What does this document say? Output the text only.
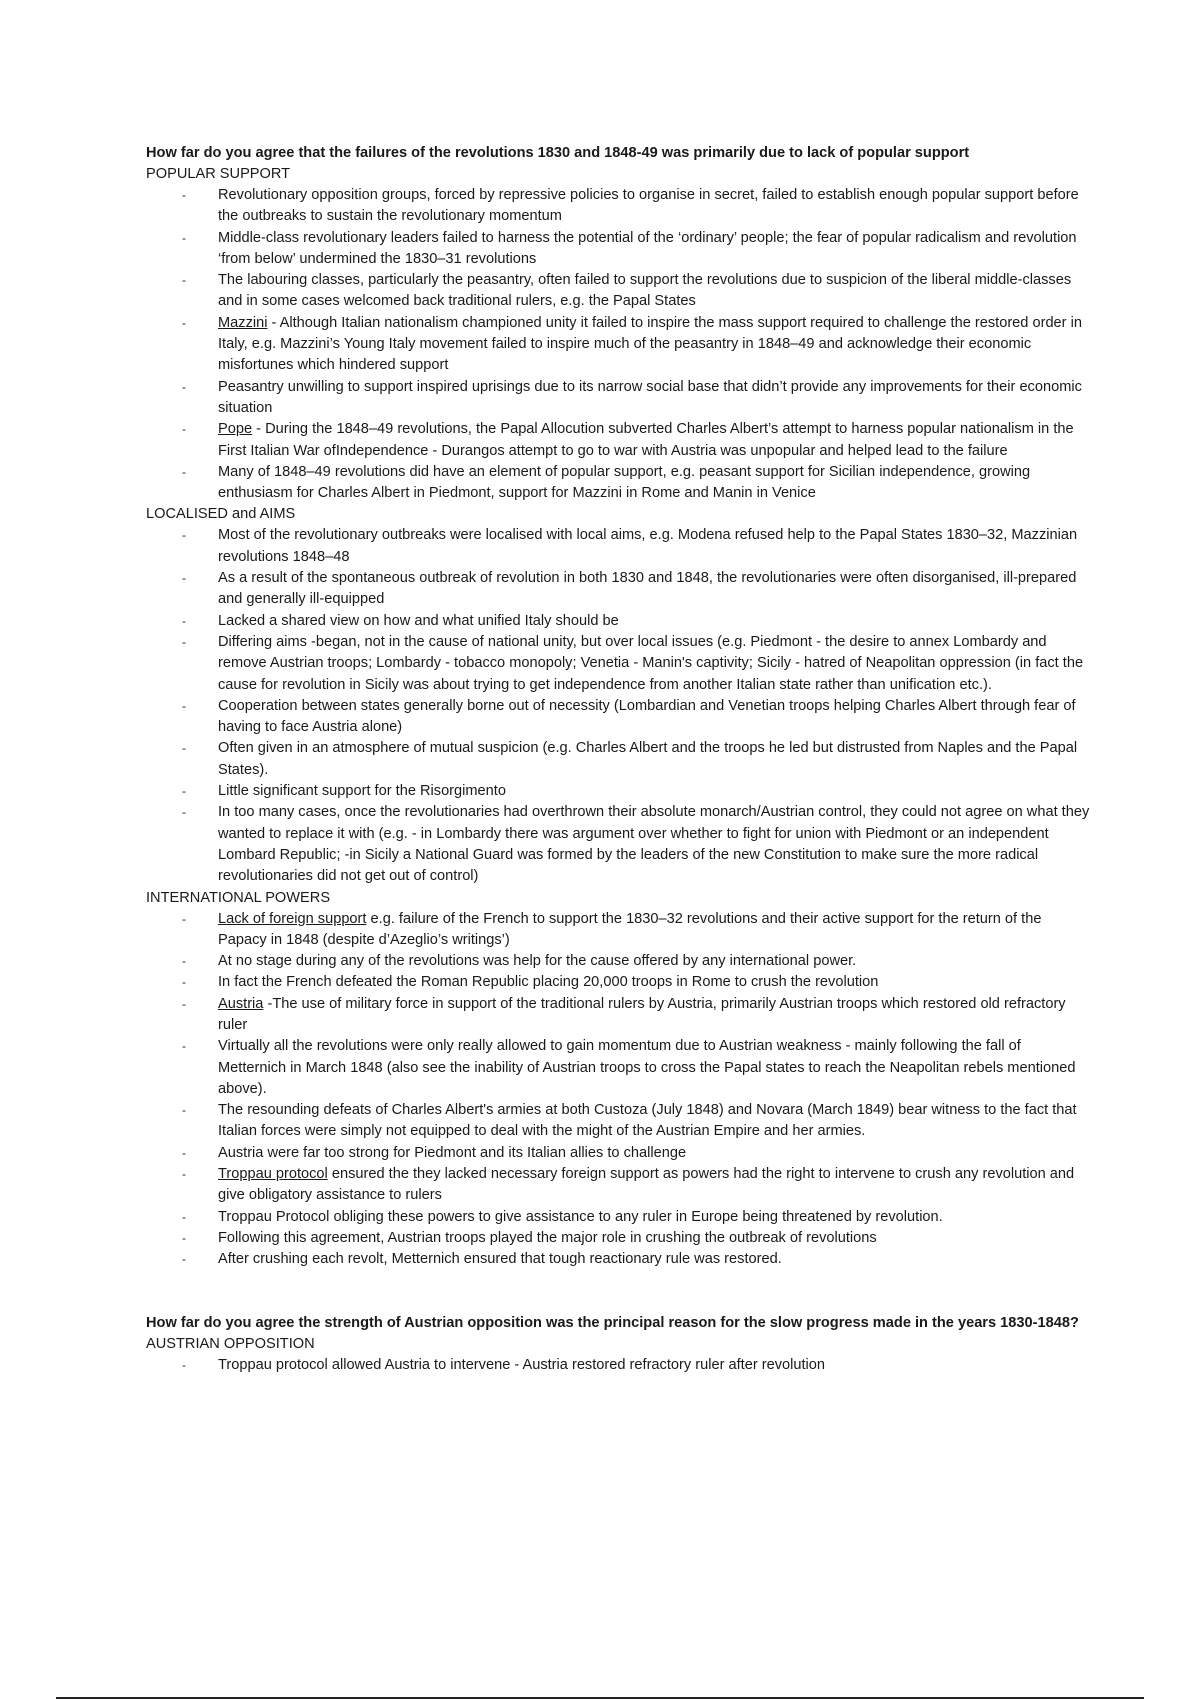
How far do you agree that the failures of the revolutions 1830 and 1848-49 was primarily due to lack of popular support

POPULAR SUPPORT

- Revolutionary opposition groups, forced by repressive policies to organise in secret, failed to establish enough popular support before the outbreaks to sustain the revolutionary momentum
- Middle-class revolutionary leaders failed to harness the potential of the ‘ordinary’ people; the fear of popular radicalism and revolution ‘from below’ undermined the 1830–31 revolutions
- The labouring classes, particularly the peasantry, often failed to support the revolutions due to suspicion of the liberal middle-classes and in some cases welcomed back traditional rulers, e.g. the Papal States
- Mazzini - Although Italian nationalism championed unity it failed to inspire the mass support required to challenge the restored order in Italy, e.g. Mazzini’s Young Italy movement failed to inspire much of the peasantry in 1848–49 and acknowledge their economic misfortunes which hindered support
- Peasantry unwilling to support inspired uprisings due to its narrow social base that didn’t provide any improvements for their economic situation
- Pope - During the 1848–49 revolutions, the Papal Allocution subverted Charles Albert’s attempt to harness popular nationalism in the First Italian War ofIndependence - Durangos attempt to go to war with Austria was unpopular and helped lead to the failure
- Many of 1848–49 revolutions did have an element of popular support, e.g. peasant support for Sicilian independence, growing enthusiasm for Charles Albert in Piedmont, support for Mazzini in Rome and Manin in Venice

LOCALISED and AIMS

- Most of the revolutionary outbreaks were localised with local aims, e.g. Modena refused help to the Papal States 1830–32, Mazzinian revolutions 1848–48
- As a result of the spontaneous outbreak of revolution in both 1830 and 1848, the revolutionaries were often disorganised, ill-prepared and generally ill-equipped
- Lacked a shared view on how and what unified Italy should be
- Differing aims -began, not in the cause of national unity, but over local issues (e.g. Piedmont - the desire to annex Lombardy and remove Austrian troops; Lombardy - tobacco monopoly; Venetia - Manin's captivity; Sicily - hatred of Neapolitan oppression (in fact the cause for revolution in Sicily was about trying to get independence from another Italian state rather than unification etc.).
- Cooperation between states generally borne out of necessity (Lombardian and Venetian troops helping Charles Albert through fear of having to face Austria alone)
- Often given in an atmosphere of mutual suspicion (e.g. Charles Albert and the troops he led but distrusted from Naples and the Papal States).
- Little significant support for the Risorgimento
- In too many cases, once the revolutionaries had overthrown their absolute monarch/Austrian control, they could not agree on what they wanted to replace it with (e.g. - in Lombardy there was argument over whether to fight for union with Piedmont or an independent Lombard Republic; -in Sicily a National Guard was formed by the leaders of the new Constitution to make sure the more radical revolutionaries did not get out of control)

INTERNATIONAL POWERS

- Lack of foreign support e.g. failure of the French to support the 1830–32 revolutions and their active support for the return of the Papacy in 1848 (despite d’Azeglio’s writings’)
- At no stage during any of the revolutions was help for the cause offered by any international power.
- In fact the French defeated the Roman Republic placing 20,000 troops in Rome to crush the revolution
- Austria -The use of military force in support of the traditional rulers by Austria, primarily Austrian troops which restored old refractory ruler
- Virtually all the revolutions were only really allowed to gain momentum due to Austrian weakness - mainly following the fall of Metternich in March 1848 (also see the inability of Austrian troops to cross the Papal states to reach the Neapolitan rebels mentioned above).
- The resounding defeats of Charles Albert's armies at both Custoza (July 1848) and Novara (March 1849) bear witness to the fact that Italian forces were simply not equipped to deal with the might of the Austrian Empire and her armies.
- Austria were far too strong for Piedmont and its Italian allies to challenge
- Troppau protocol ensured the they lacked necessary foreign support as powers had the right to intervene to crush any revolution and give obligatory assistance to rulers
- Troppau Protocol obliging these powers to give assistance to any ruler in Europe being threatened by revolution.
- Following this agreement, Austrian troops played the major role in crushing the outbreak of revolutions
- After crushing each revolt, Metternich ensured that tough reactionary rule was restored.

How far do you agree the strength of Austrian opposition was the principal reason for the slow progress made in the years 1830-1848?

AUSTRIAN OPPOSITION

- Troppau protocol allowed Austria to intervene - Austria restored refractory ruler after revolution
